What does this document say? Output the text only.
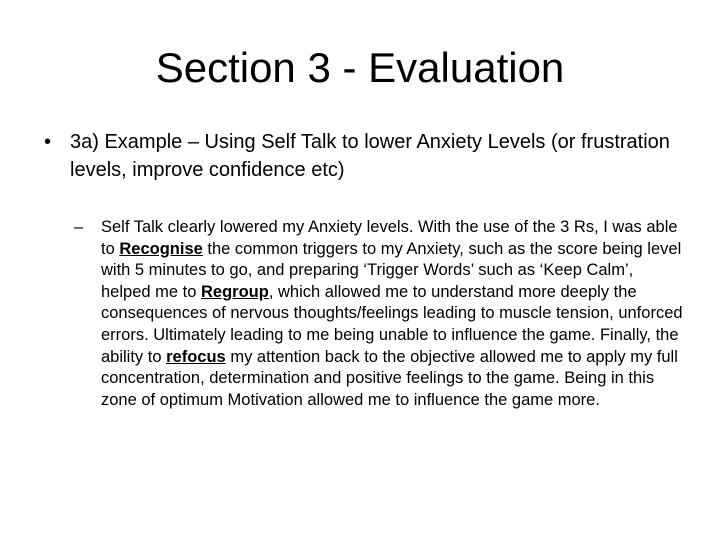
Section 3 - Evaluation
• 3a) Example – Using Self Talk to lower Anxiety Levels (or frustration levels, improve confidence etc)
– Self Talk clearly lowered my Anxiety levels. With the use of the 3 Rs, I was able to Recognise the common triggers to my Anxiety, such as the score being level with 5 minutes to go, and preparing ‘Trigger Words’ such as ‘Keep Calm’, helped me to Regroup, which allowed me to understand more deeply the consequences of nervous thoughts/feelings leading to muscle tension, unforced errors. Ultimately leading to me being unable to influence the game. Finally, the ability to refocus my attention back to the objective allowed me to apply my full concentration, determination and positive feelings to the game. Being in this zone of optimum Motivation allowed me to influence the game more.
